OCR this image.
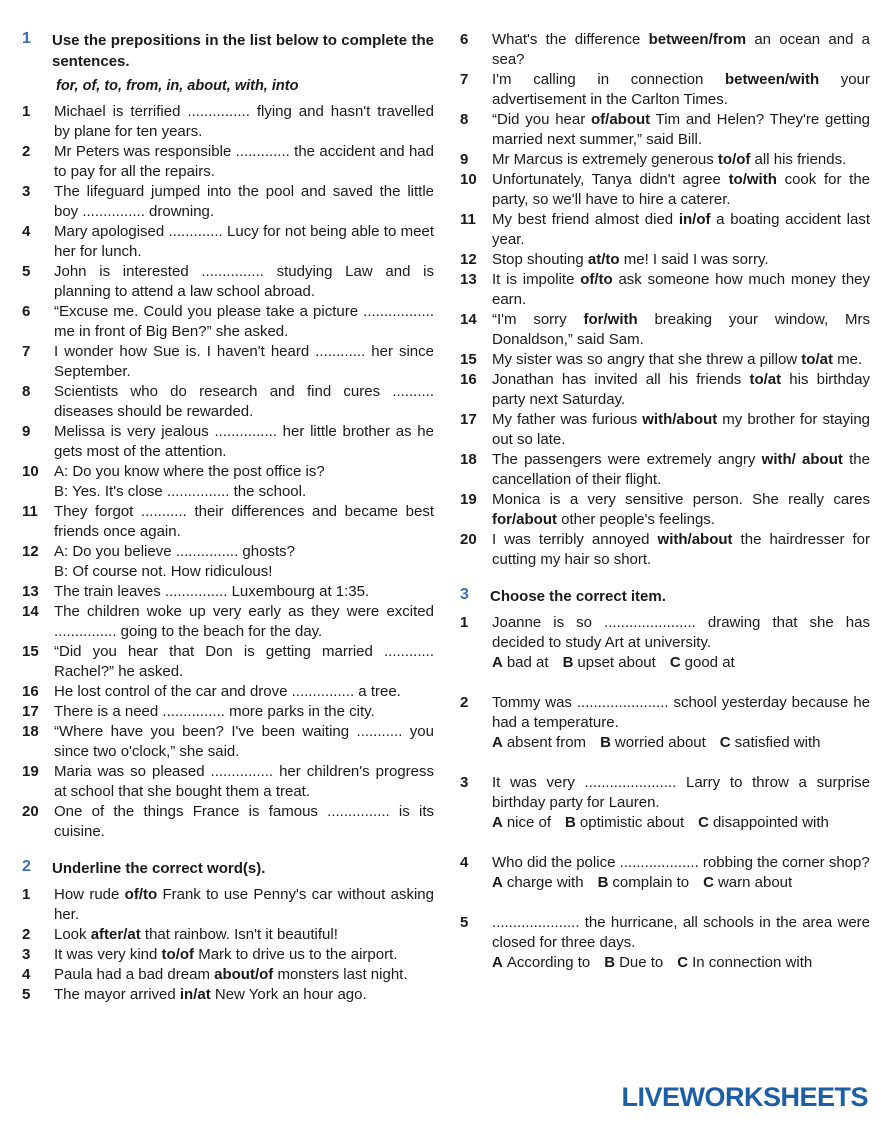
1	Use the prepositions in the list below to complete the sentences.
for, of, to, from, in, about, with, into
1	Michael is terrified ............... flying and hasn't travelled by plane for ten years.
2	Mr Peters was responsible ............. the accident and had to pay for all the repairs.
3	The lifeguard jumped into the pool and saved the little boy ............... drowning.
4	Mary apologised ............. Lucy for not being able to meet her for lunch.
5	John is interested ............... studying Law and is planning to attend a law school abroad.
6	“Excuse me. Could you please take a picture ................. me in front of Big Ben?” she asked.
7	I wonder how Sue is. I haven't heard ............ her since September.
8	Scientists who do research and find cures .......... diseases should be rewarded.
9	Melissa is very jealous ............... her little brother as he gets most of the attention.
10	A: Do you know where the post office is?
B: Yes. It's close ............... the school.
11	They forgot ........... their differences and became best friends once again.
12	A: Do you believe ............... ghosts?
B: Of course not. How ridiculous!
13	The train leaves ............... Luxembourg at 1:35.
14	The children woke up very early as they were excited ............... going to the beach for the day.
15	“Did you hear that Don is getting married ............ Rachel?” he asked.
16	He lost control of the car and drove ............... a tree.
17	There is a need ............... more parks in the city.
18	“Where have you been? I've been waiting ........... you since two o'clock,” she said.
19	Maria was so pleased ............... her children's progress at school that she bought them a treat.
20	One of the things France is famous ............... is its cuisine.
2	Underline the correct word(s).
1	How rude of/to Frank to use Penny's car without asking her.
2	Look after/at that rainbow. Isn't it beautiful!
3	It was very kind to/of Mark to drive us to the airport.
4	Paula had a bad dream about/of monsters last night.
5	The mayor arrived in/at New York an hour ago.
6	What's the difference between/from an ocean and a sea?
7	I'm calling in connection between/with your advertisement in the Carlton Times.
8	“Did you hear of/about Tim and Helen? They're getting married next summer,” said Bill.
9	Mr Marcus is extremely generous to/of all his friends.
10	Unfortunately, Tanya didn't agree to/with cook for the party, so we'll have to hire a caterer.
11	My best friend almost died in/of a boating accident last year.
12	Stop shouting at/to me! I said I was sorry.
13	It is impolite of/to ask someone how much money they earn.
14	“I'm sorry for/with breaking your window, Mrs Donaldson,” said Sam.
15	My sister was so angry that she threw a pillow to/at me.
16	Jonathan has invited all his friends to/at his birthday party next Saturday.
17	My father was furious with/about my brother for staying out so late.
18	The passengers were extremely angry with/ about the cancellation of their flight.
19	Monica is a very sensitive person. She really cares for/about other people's feelings.
20	I was terribly annoyed with/about the hairdresser for cutting my hair so short.
3	Choose the correct item.
1	Joanne is so ...................... drawing that she has decided to study Art at university.
A bad at B upset about C good at
2	Tommy was ...................... school yesterday because he had a temperature.
A absent from B worried about C satisfied with
3	It was very ...................... Larry to throw a surprise birthday party for Lauren.
A nice of B optimistic about C disappointed with
4	Who did the police ................... robbing the corner shop?
A charge with B complain to C warn about
5	..................... the hurricane, all schools in the area were closed for three days.
A According to B Due to C In connection with
LIVEWORKSHEETS
